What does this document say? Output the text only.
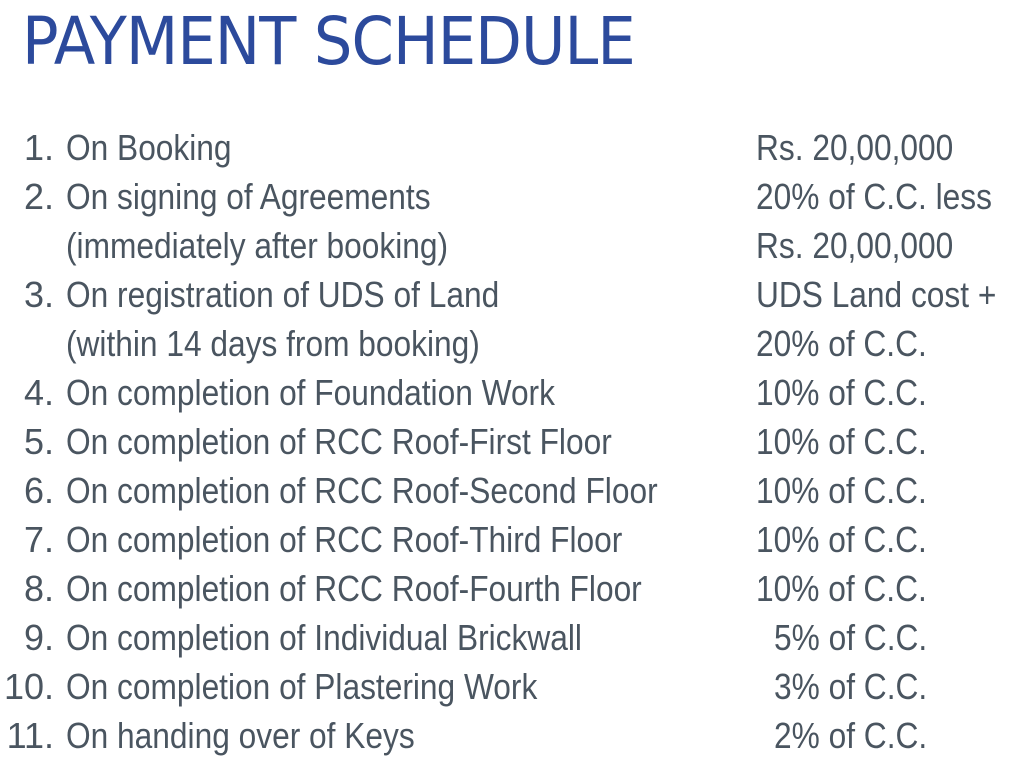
PAYMENT SCHEDULE
1. On Booking	Rs. 20,00,000
2. On signing of Agreements	20% of C.C. less
(immediately after booking)	Rs. 20,00,000
3. On registration of UDS of Land	UDS Land cost +
(within 14 days from booking)	20% of C.C.
4. On completion of Foundation Work	10% of C.C.
5. On completion of RCC Roof-First Floor	10% of C.C.
6. On completion of RCC Roof-Second Floor	10% of C.C.
7. On completion of RCC Roof-Third Floor	10% of C.C.
8. On completion of RCC Roof-Fourth Floor	10% of C.C.
9. On completion of Individual Brickwall	5% of C.C.
10. On completion of Plastering Work	3% of C.C.
11. On handing over of Keys	2% of C.C.
